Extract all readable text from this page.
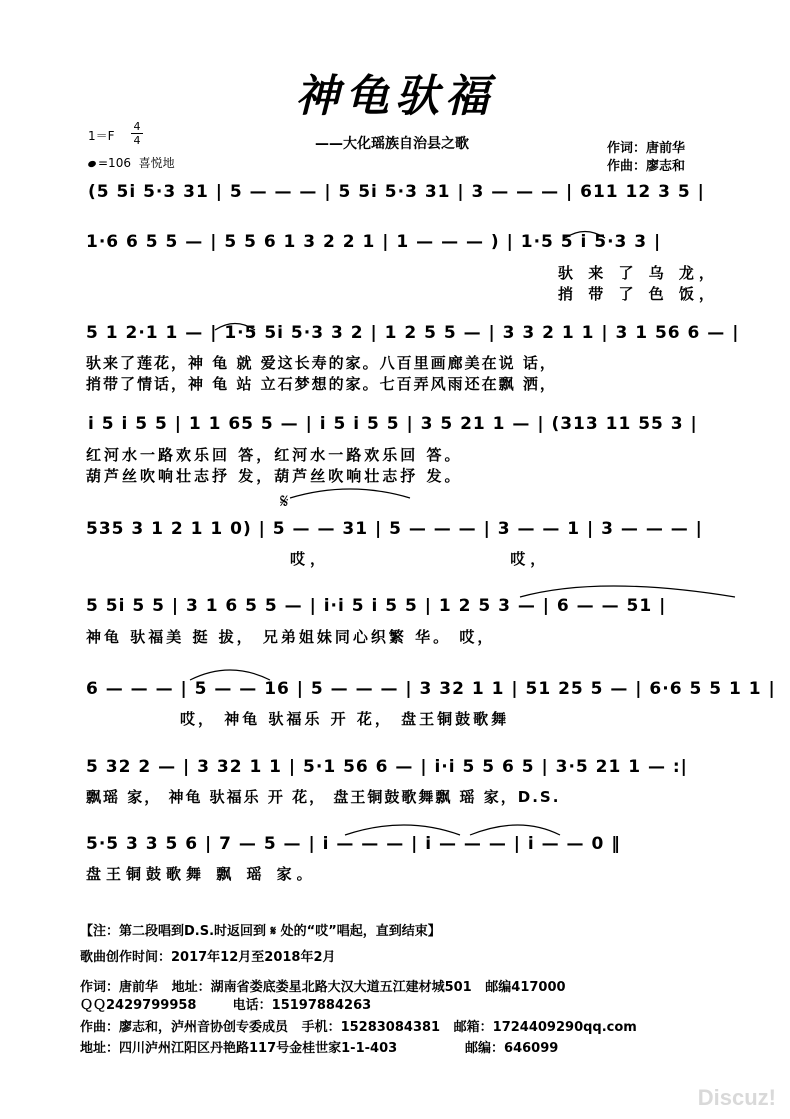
神龟驮福
1＝F
4
4
=106 喜悦地
——大化瑶族自治县之歌	作词：唐前华
作曲：廖志和
(5 5i 5·3 31 | 5 — — — | 5 5i 5·3 31 | 3 — — — | 611 12 3 5 |
1·6 6 5 5 — | 5 5 6 1 3 2 2 1 | 1 — — — ) | 1·5 5 i 5·3 3 |
驮 来 了 乌 龙，
捎 带 了 色 饭，
5 1 2·1 1 — | 1·5 5i 5·3 3 2 | 1 2 5 5 — | 3 3 2 1 1 | 3 1 56 6 — |
驮来了莲花，神 龟 就 爱这长寿的家。八百里画廊美在说 话，
捎带了情话，神 龟 站 立石梦想的家。七百弄风雨还在飘 洒，
i 5 i 5 5 | 1 1 65 5 — | i 5 i 5 5 | 3 5 21 1 — | (313 11 55 3 |
红河水一路欢乐回 答，红河水一路欢乐回 答。
葫芦丝吹响壮志抒 发，葫芦丝吹响壮志抒 发。
535 3 1 2 1 1 0) | 5 — — 31 | 5 — — — | 3 — — 1 | 3 — — — |
哎， 哎，
5 5i 5 5 | 3 1 6 5 5 — | i·i 5 i 5 5 | 1 2 5 3 — | 6 — — 51 |
神龟 驮福美 挺 拔， 兄弟姐妹同心织繁 华。 哎，
6 — — — | 5 — — 16 | 5 — — — | 3 32 1 1 | 51 25 5 — | 6·6 5 5 1 1 |
哎， 神龟 驮福乐 开 花， 盘王铜鼓歌舞
5 32 2 — | 3 32 1 1 | 5·1 56 6 — | i·i 5 5 6 5 | 3·5 21 1 — :|
飘瑶 家， 神龟 驮福乐 开 花， 盘王铜鼓歌舞飘 瑶 家，D.S.
5·5 3 3 5 6 | 7 — 5 — | i — — — | i — — — | i — — 0 ‖
盘王铜鼓歌舞 飘 瑶 家。
𝄋
【注：第二段唱到D.S.时返回到 𝄋 处的“哎”唱起，直到结束】
歌曲创作时间：2017年12月至2018年2月
作词：唐前华   地址：湖南省娄底娄星北路大汉大道五江建材城501   邮编417000
ＱＱ2429799958        电话：15197884263
作曲：廖志和，泸州音协创专委成员   手机：15283084381   邮箱：1724409290qq.com
地址：四川泸州江阳区丹艳路117号金桂世家1-1-403               邮编：646099
Discuz!
